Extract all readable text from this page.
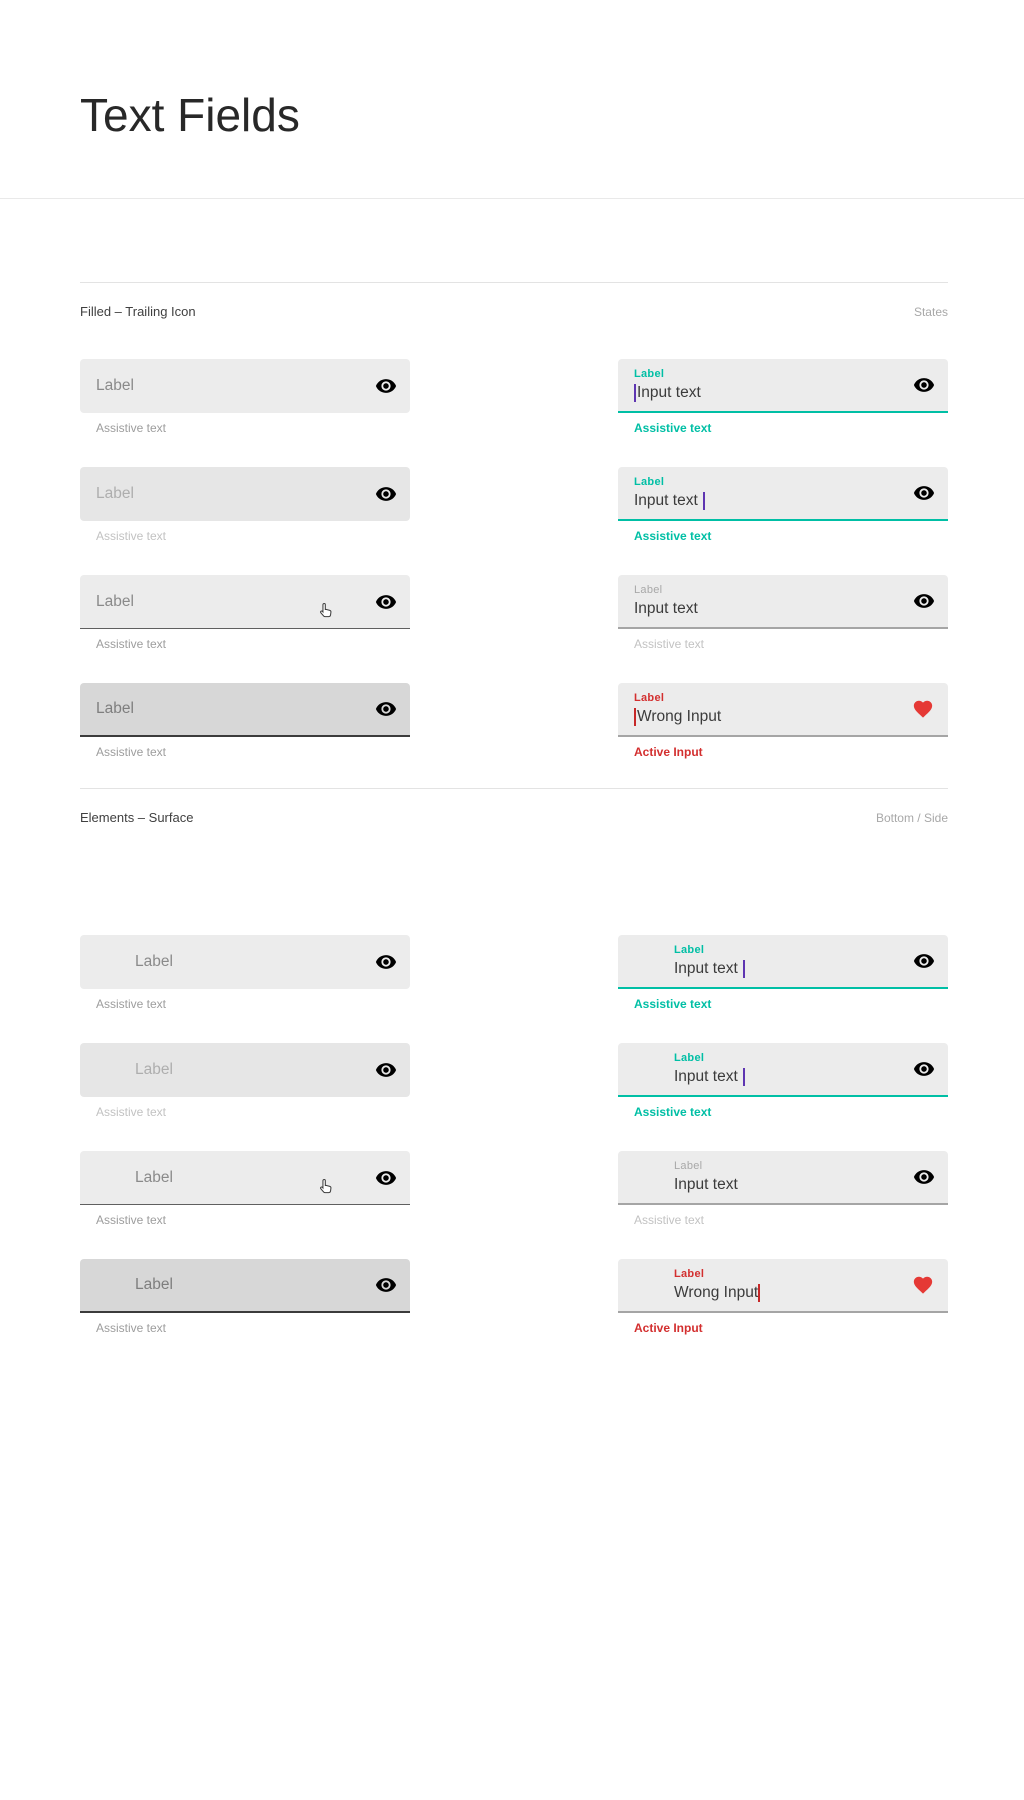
Text Fields
Filled – Trailing Icon	States
Label
Assistive text
Label
Input text
Assistive text
Label
Assistive text
Label
Input text
Assistive text
Label
Assistive text
Label
Input text
Assistive text
Label
Assistive text
Label
Wrong Input
Active Input
Elements – Surface	Bottom / Side
Label
Assistive text
Label
Input text
Assistive text
Label
Assistive text
Label
Input text
Assistive text
Label
Assistive text
Label
Input text
Assistive text
Label
Assistive text
Label
Wrong Input
Active Input
